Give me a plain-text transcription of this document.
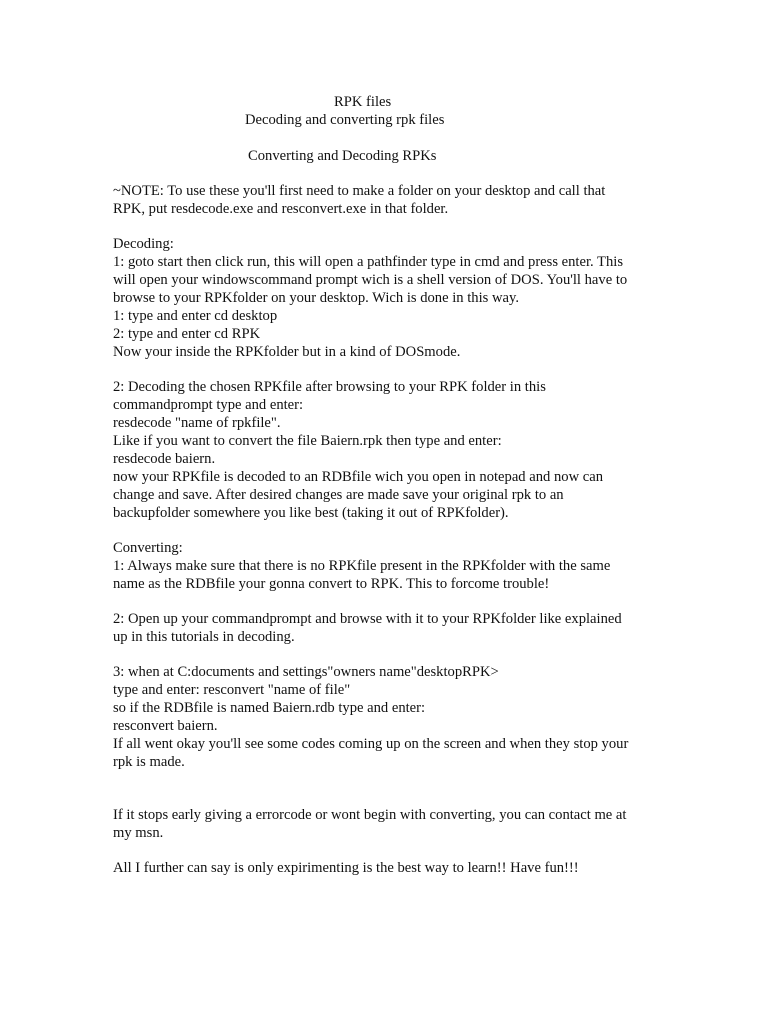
RPK files
Decoding and converting rpk files
Converting and Decoding RPKs
~NOTE: To use these you'll first need to make a folder on your desktop and call that
RPK, put resdecode.exe and resconvert.exe in that folder.
Decoding:
1: goto start then click run, this will open a pathfinder type in cmd and press enter. This
will open your windowscommand prompt wich is a shell version of DOS. You'll have to
browse to your RPKfolder on your desktop. Wich is done in this way.
1: type and enter cd desktop
2: type and enter cd RPK
Now your inside the RPKfolder but in a kind of DOSmode.
2: Decoding the chosen RPKfile after browsing to your RPK folder in this
commandprompt type and enter:
resdecode "name of rpkfile".
Like if you want to convert the file Baiern.rpk then type and enter:
resdecode baiern.
now your RPKfile is decoded to an RDBfile wich you open in notepad and now can
change and save. After desired changes are made save your original rpk to an
backupfolder somewhere you like best (taking it out of RPKfolder).
Converting:
1: Always make sure that there is no RPKfile present in the RPKfolder with the same
name as the RDBfile your gonna convert to RPK. This to forcome trouble!
2: Open up your commandprompt and browse with it to your RPKfolder like explained
up in this tutorials in decoding.
3: when at C:documents and settings"owners name"desktopRPK>
type and enter: resconvert "name of file"
so if the RDBfile is named Baiern.rdb type and enter:
resconvert baiern.
If all went okay you'll see some codes coming up on the screen and when they stop your
rpk is made.
If it stops early giving a errorcode or wont begin with converting, you can contact me at
my msn.
All I further can say is only expirimenting is the best way to learn!! Have fun!!!
